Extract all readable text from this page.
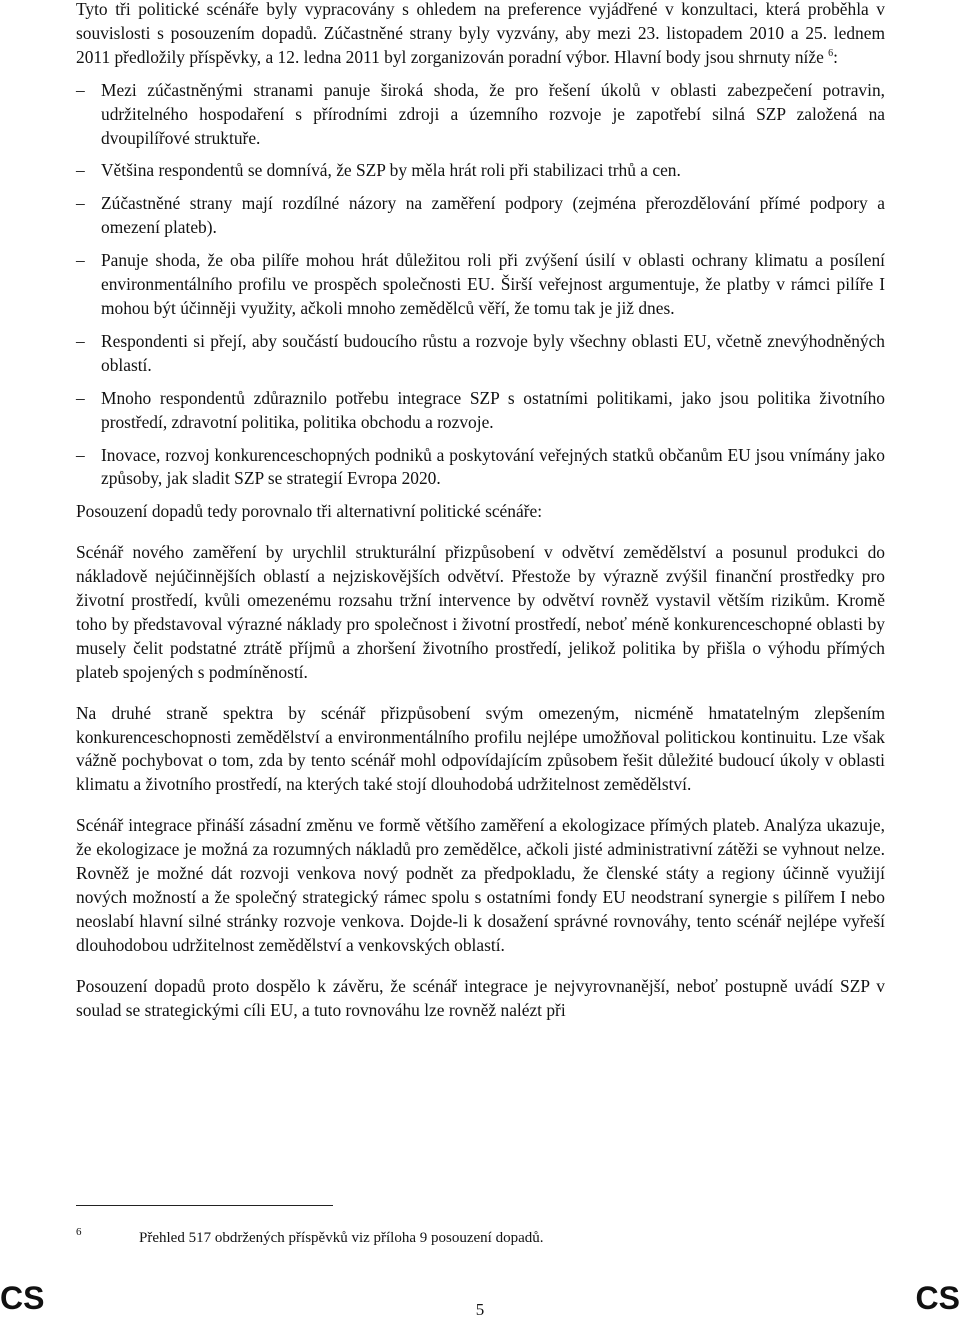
Tyto tři politické scénáře byly vypracovány s ohledem na preference vyjádřené v konzultaci, která proběhla v souvislosti s posouzením dopadů. Zúčastněné strany byly vyzvány, aby mezi 23. listopadem 2010 a 25. lednem 2011 předložily příspěvky, a 12. ledna 2011 byl zorganizován poradní výbor. Hlavní body jsou shrnuty níže $^6$:

– Mezi zúčastněnými stranami panuje široká shoda, že pro řešení úkolů v oblasti zabezpečení potravin, udržitelného hospodaření s přírodními zdroji a územního rozvoje je zapotřebí silná SZP založená na dvoupilířové struktuře.

– Většina respondentů se domnívá, že SZP by měla hrát roli při stabilizaci trhů a cen.

– Zúčastněné strany mají rozdílné názory na zaměření podpory (zejména přerozdělování přímé podpory a omezení plateb).

– Panuje shoda, že oba pilíře mohou hrát důležitou roli při zvýšení úsilí v oblasti ochrany klimatu a posílení environmentálního profilu ve prospěch společnosti EU. Širší veřejnost argumentuje, že platby v rámci pilíře I mohou být účinněji využity, ačkoli mnoho zemědělců věří, že tomu tak je již dnes.

– Respondenti si přejí, aby součástí budoucího růstu a rozvoje byly všechny oblasti EU, včetně znevýhodněných oblastí.

– Mnoho respondentů zdůraznilo potřebu integrace SZP s ostatními politikami, jako jsou politika životního prostředí, zdravotní politika, politika obchodu a rozvoje.

– Inovace, rozvoj konkurenceschopných podniků a poskytování veřejných statků občanům EU jsou vnímány jako způsoby, jak sladit SZP se strategií Evropa 2020.

Posouzení dopadů tedy porovnalo tři alternativní politické scénáře:

Scénář nového zaměření by urychlil strukturální přizpůsobení v odvětví zemědělství a posunul produkci do nákladově nejúčinnějších oblastí a nejziskovějších odvětví. Přestože by výrazně zvýšil finanční prostředky pro životní prostředí, kvůli omezenému rozsahu tržní intervence by odvětví rovněž vystavil větším rizikům. Kromě toho by představoval výrazné náklady pro společnost i životní prostředí, neboť méně konkurenceschopné oblasti by musely čelit podstatné ztrátě příjmů a zhoršení životního prostředí, jelikož politika by přišla o výhodu přímých plateb spojených s podmíněností.

Na druhé straně spektra by scénář přizpůsobení svým omezeným, nicméně hmatatelným zlepšením konkurenceschopnosti zemědělství a environmentálního profilu nejlépe umožňoval politickou kontinuitu. Lze však vážně pochybovat o tom, zda by tento scénář mohl odpovídajícím způsobem řešit důležité budoucí úkoly v oblasti klimatu a životního prostředí, na kterých také stojí dlouhodobá udržitelnost zemědělství.

Scénář integrace přináší zásadní změnu ve formě většího zaměření a ekologizace přímých plateb. Analýza ukazuje, že ekologizace je možná za rozumných nákladů pro zemědělce, ačkoli jisté administrativní zátěži se vyhnout nelze. Rovněž je možné dát rozvoji venkova nový podnět za předpokladu, že členské státy a regiony účinně využijí nových možností a že společný strategický rámec spolu s ostatními fondy EU neodstraní synergie s pilířem I nebo neoslabí hlavní silné stránky rozvoje venkova. Dojde-li k dosažení správné rovnováhy, tento scénář nejlépe vyřeší dlouhodobou udržitelnost zemědělství a venkovských oblastí.

Posouzení dopadů proto dospělo k závěru, že scénář integrace je nejvyrovnanější, neboť postupně uvádí SZP v soulad se strategickými cíli EU, a tuto rovnováhu lze rovněž nalézt při

6	Přehled 517 obdržených příspěvků viz příloha 9 posouzení dopadů.
CS	5	CS
